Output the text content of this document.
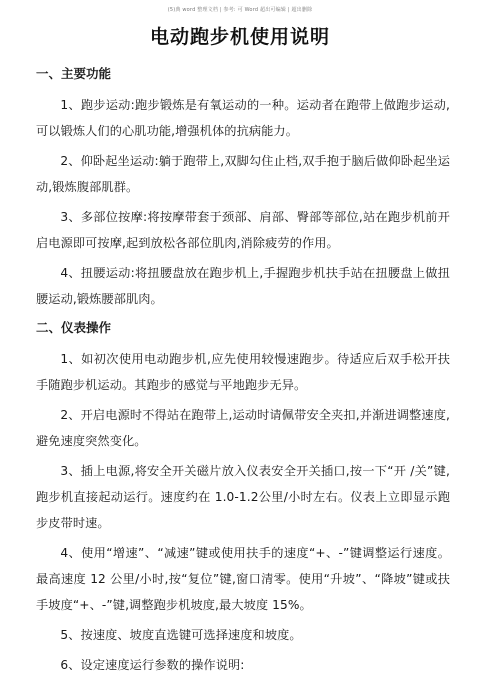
(5)典 word 整理文档 | 参考: 可 Word 超出可编辑 | 超出删除
电动跑步机使用说明
一、主要功能

1、跑步运动:跑步锻炼是有氧运动的一种。运动者在跑带上做跑步运动,可以锻炼人们的心肌功能,增强机体的抗病能力。

2、仰卧起坐运动:躺于跑带上,双脚勾住止档,双手抱于脑后做仰卧起坐运动,锻炼腹部肌群。

3、多部位按摩:将按摩带套于颈部、肩部、臀部等部位,站在跑步机前开启电源即可按摩,起到放松各部位肌肉,消除疲劳的作用。

4、扭腰运动:将扭腰盘放在跑步机上,手握跑步机扶手站在扭腰盘上做扭腰运动,锻炼腰部肌肉。

二、仪表操作

1、如初次使用电动跑步机,应先使用较慢速跑步。待适应后双手松开扶手随跑步机运动。其跑步的感觉与平地跑步无异。

2、开启电源时不得站在跑带上,运动时请佩带安全夹扣,并渐进调整速度,避免速度突然变化。

3、插上电源,将安全开关磁片放入仪表安全开关插口,按一下“开 /关”键,跑步机直接起动运行。速度约在 1.0-1.2公里/小时左右。仪表上立即显示跑步皮带时速。

4、使用“增速”、“减速”键或使用扶手的速度“+、-”键调整运行速度。最高速度 12 公里/小时,按“复位”键,窗口清零。使用“升坡”、“降坡”键或扶手坡度“+、-”键,调整跑步机坡度,最大坡度 15%。

5、按速度、坡度直选键可选择速度和坡度。

6、设定速度运行参数的操作说明:
